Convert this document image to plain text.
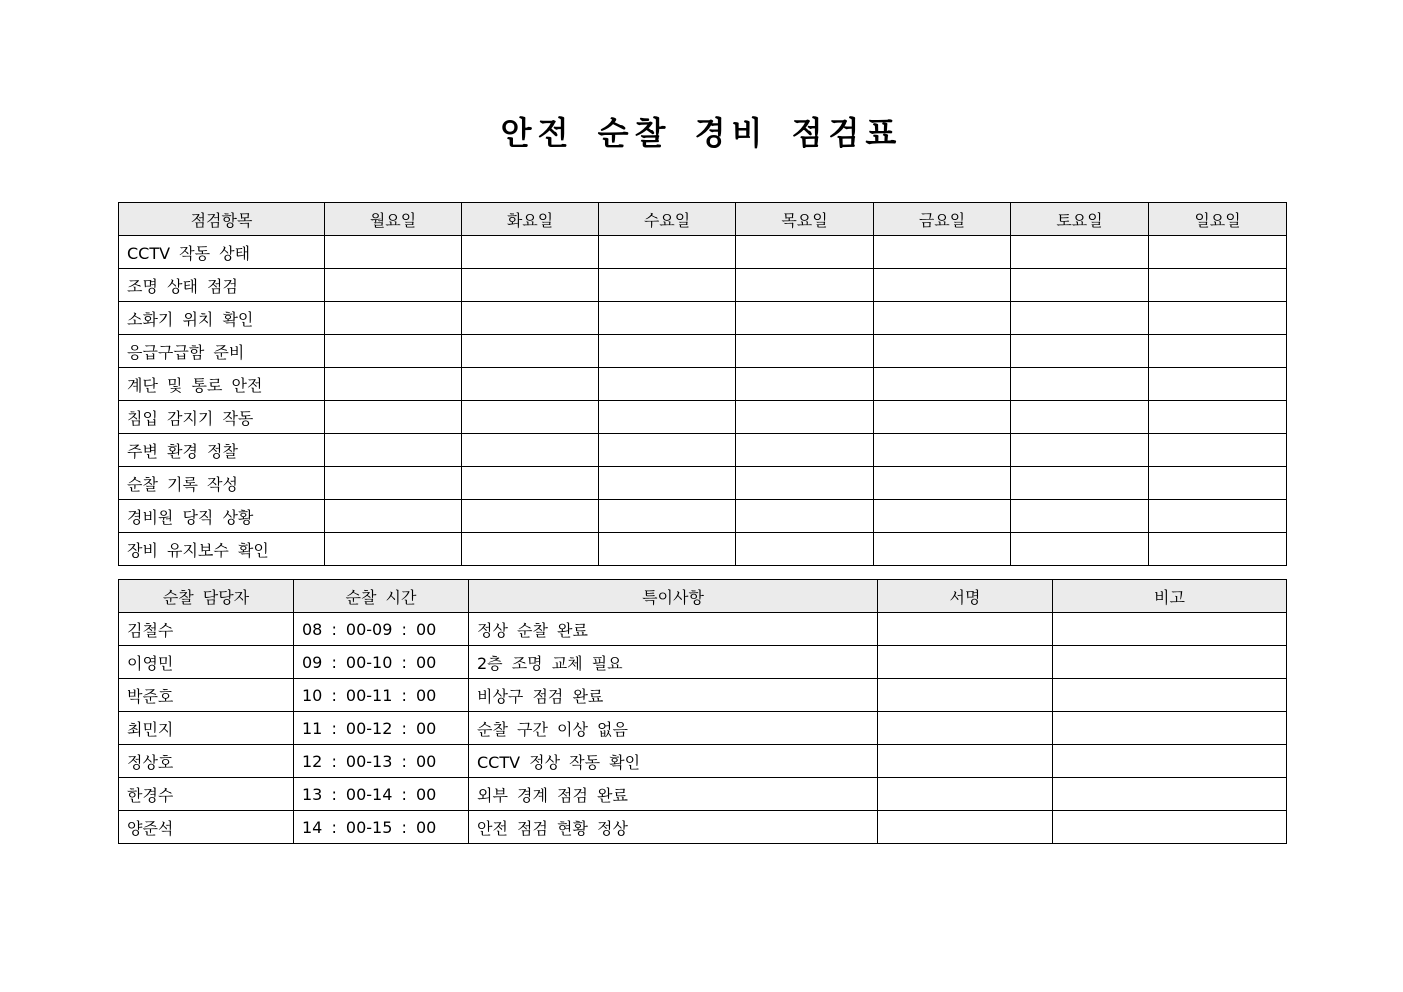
안전 순찰 경비 점검표
점검항목	월요일	화요일	수요일	목요일	금요일	토요일	일요일
CCTV 작동 상태							
조명 상태 점검							
소화기 위치 확인							
응급구급함 준비							
계단 및 통로 안전							
침입 감지기 작동							
주변 환경 정찰							
순찰 기록 작성							
경비원 당직 상황							
장비 유지보수 확인							
순찰 담당자	순찰 시간	특이사항	서명	비고
김철수	08 : 00-09 : 00	정상 순찰 완료		
이영민	09 : 00-10 : 00	2층 조명 교체 필요		
박준호	10 : 00-11 : 00	비상구 점검 완료		
최민지	11 : 00-12 : 00	순찰 구간 이상 없음		
정상호	12 : 00-13 : 00	CCTV 정상 작동 확인		
한경수	13 : 00-14 : 00	외부 경계 점검 완료		
양준석	14 : 00-15 : 00	안전 점검 현황 정상		
